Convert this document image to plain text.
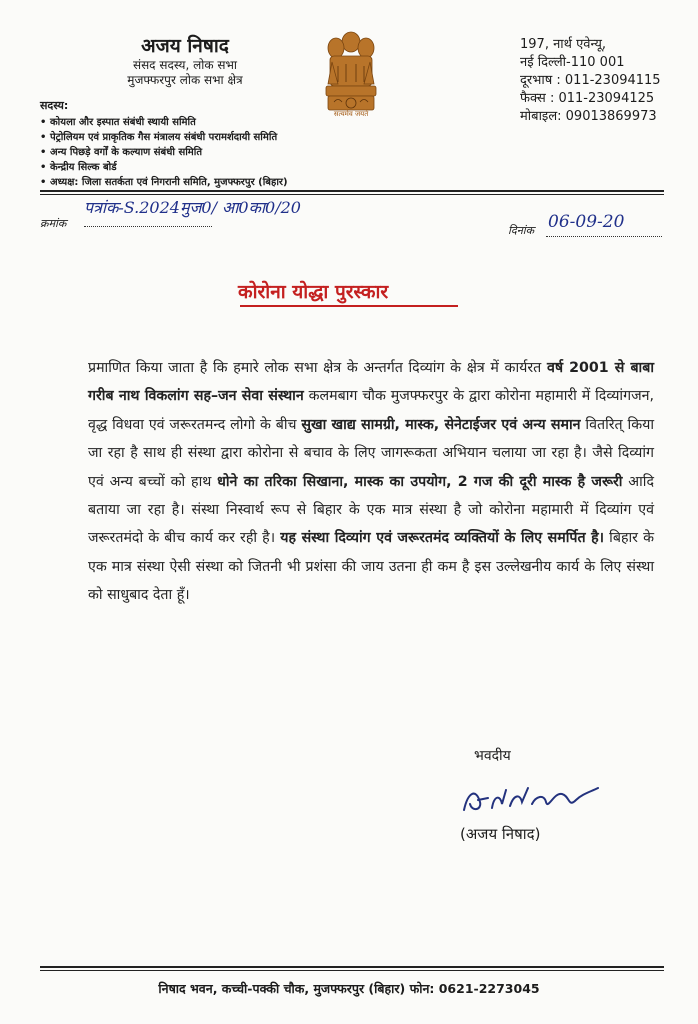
अजय निषाद
संसद सदस्य, लोक सभा
मुजफ्फरपुर लोक सभा क्षेत्र
सदस्य:
• कोयला और इस्पात संबंधी स्थायी समिति
• पेट्रोलियम एवं प्राकृतिक गैस मंत्रालय संबंधी परामर्शदायी समिति
• अन्य पिछड़े वर्गों के कल्याण संबंधी समिति
• केन्द्रीय सिल्क बोर्ड
• अध्यक्ष: जिला सतर्कता एवं निगरानी समिति, मुजफ्फरपुर (बिहार)
सत्यमेव जयते
197, नार्थ एवेन्यू,
नई दिल्ली-110 001
दूरभाष : 011-23094115
फैक्स : 011-23094125
मोबाइल: 09013869973
क्रमांक
पत्रांक-S.2024मुज0/ आ0का0/20
दिनांक 06-09-20
कोरोना योद्धा पुरस्कार
प्रमाणित किया जाता है कि हमारे लोक सभा क्षेत्र के अन्तर्गत दिव्यांग के क्षेत्र में कार्यरत वर्ष 2001 से बाबा गरीब नाथ विकलांग सह–जन सेवा संस्थान कलमबाग चौक मुजफ्फरपुर के द्वारा कोरोना महामारी में दिव्यांगजन, वृद्ध विधवा एवं जरूरतमन्द लोगो के बीच सुखा खाद्य सामग्री, मास्क, सेनेटाईजर एवं अन्य समान वितरित् किया जा रहा है साथ ही संस्था द्वारा कोरोना से बचाव के लिए जागरूकता अभियान चलाया जा रहा है। जैसे दिव्यांग एवं अन्य बच्चों को हाथ धोने का तरिका सिखाना, मास्क का उपयोग, 2 गज की दूरी मास्क है जरूरी आदि बताया जा रहा है। संस्था निस्वार्थ रूप से बिहार के एक मात्र संस्था है जो कोरोना महामारी में दिव्यांग एवं जरूरतमंदो के बीच कार्य कर रही है। यह संस्था दिव्यांग एवं जरूरतमंद व्यक्तियों के लिए समर्पित है। बिहार के एक मात्र संस्था ऐसी संस्था को जितनी भी प्रशंसा की जाय उतना ही कम है इस उल्लेखनीय कार्य के लिए संस्था को साधुबाद देता हूँ।
भवदीय
(अजय निषाद)
निषाद भवन, कच्ची-पक्की चौक, मुजफ्फरपुर (बिहार) फोन: 0621-2273045
